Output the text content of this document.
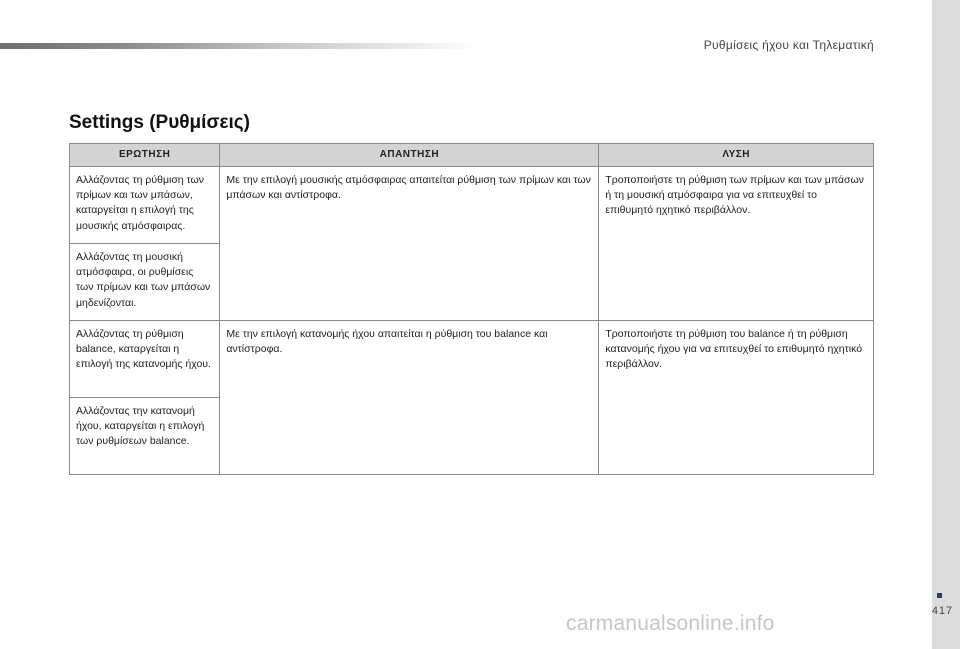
Ρυθμίσεις ήχου και Τηλεματική
417
Settings (Ρυθμίσεις)
ΕΡΩΤΗΣΗ	ΑΠΑΝΤΗΣΗ	ΛΥΣΗ
Αλλάζοντας τη ρύθμιση των πρίμων και των μπάσων, καταργείται η επιλογή της μουσικής ατμόσφαιρας.	Με την επιλογή μουσικής ατμόσφαιρας απαιτείται ρύθμιση των πρίμων και των μπάσων και αντίστροφα.	Τροποποιήστε τη ρύθμιση των πρίμων και των μπάσων ή τη μουσική ατμόσφαιρα για να επιτευχθεί το επιθυμητό ηχητικό περιβάλλον.
Αλλάζοντας τη μουσική ατμόσφαιρα, οι ρυθμίσεις των πρίμων και των μπάσων μηδενίζονται.		
Αλλάζοντας τη ρύθμιση balance, καταργείται η επιλογή της κατανομής ήχου.	Με την επιλογή κατανομής ήχου απαιτείται η ρύθμιση του balance και αντίστροφα.	Τροποποιήστε τη ρύθμιση του balance ή τη ρύθμιση κατανομής ήχου για να επιτευχθεί το επιθυμητό ηχητικό περιβάλλον.
Αλλάζοντας την κατανομή ήχου, καταργείται η επιλογή των ρυθμίσεων balance.		
carmanualsonline.info
